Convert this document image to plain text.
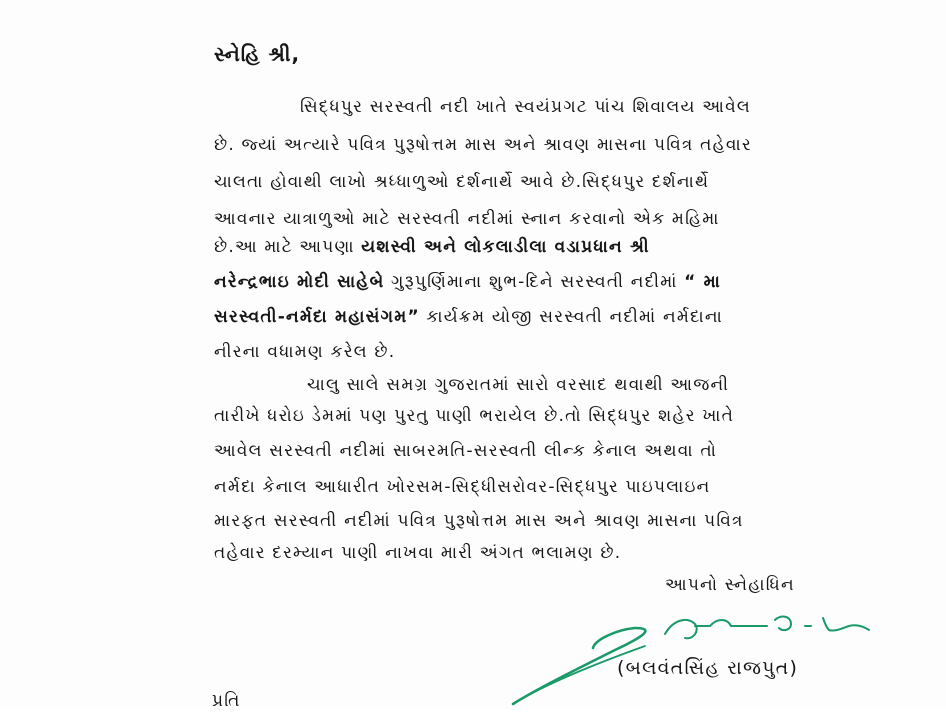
સ્નેહિ શ્રી,
સિદ્ધપુર સરસ્વતી નદી ખાતે સ્વયંપ્રગટ પાંચ શિવાલય આવેલ
છે. જ્યાં અત્યારે પવિત્ર પુરૂષોત્તમ માસ અને શ્રાવણ માસના પવિત્ર તહેવાર
ચાલતા હોવાથી લાખો શ્રધ્ધાળુઓ દર્શનાર્થે આવે છે.સિદ્ધપુર દર્શનાર્થે
આવનાર યાત્રાળુઓ માટે સરસ્વતી નદીમાં સ્નાન કરવાનો એક મહિમા
છે.આ માટે આપણા યશસ્વી અને લોકલાડીલા વડાપ્રધાન શ્રી
નરેન્દ્રભાઇ મોદી સાહેબે ગુરૂપુર્ણિમાના શુભ-દિને સરસ્વતી નદીમાં “ મા
સરસ્વતી-નર્મદા મહાસંગમ” કાર્યક્રમ યોજી સરસ્વતી નદીમાં નર્મદાના
નીરના વધામણ કરેલ છે.
ચાલુ સાલે સમગ્ર ગુજરાતમાં સારો વરસાદ થવાથી આજની
તારીખે ધરોઇ ડેમમાં પણ પુરતુ પાણી ભરાયેલ છે.તો સિદ્ધપુર શહેર ખાતે
આવેલ સરસ્વતી નદીમાં સાબરમતિ-સરસ્વતી લીન્ક કેનાલ અથવા તો
નર્મદા કેનાલ આધારીત ખોરસમ-સિદ્ધીસરોવર-સિદ્ધપુર પાઇપલાઇન
મારફત સરસ્વતી નદીમાં પવિત્ર પુરૂષોત્તમ માસ અને શ્રાવણ માસના પવિત્ર
તહેવાર દરમ્યાન પાણી નાખવા મારી અંગત ભલામણ છે.
આપનો સ્નેહાધિન
(બલવંતસિંહ રાજપુત)
પ્રતિ
